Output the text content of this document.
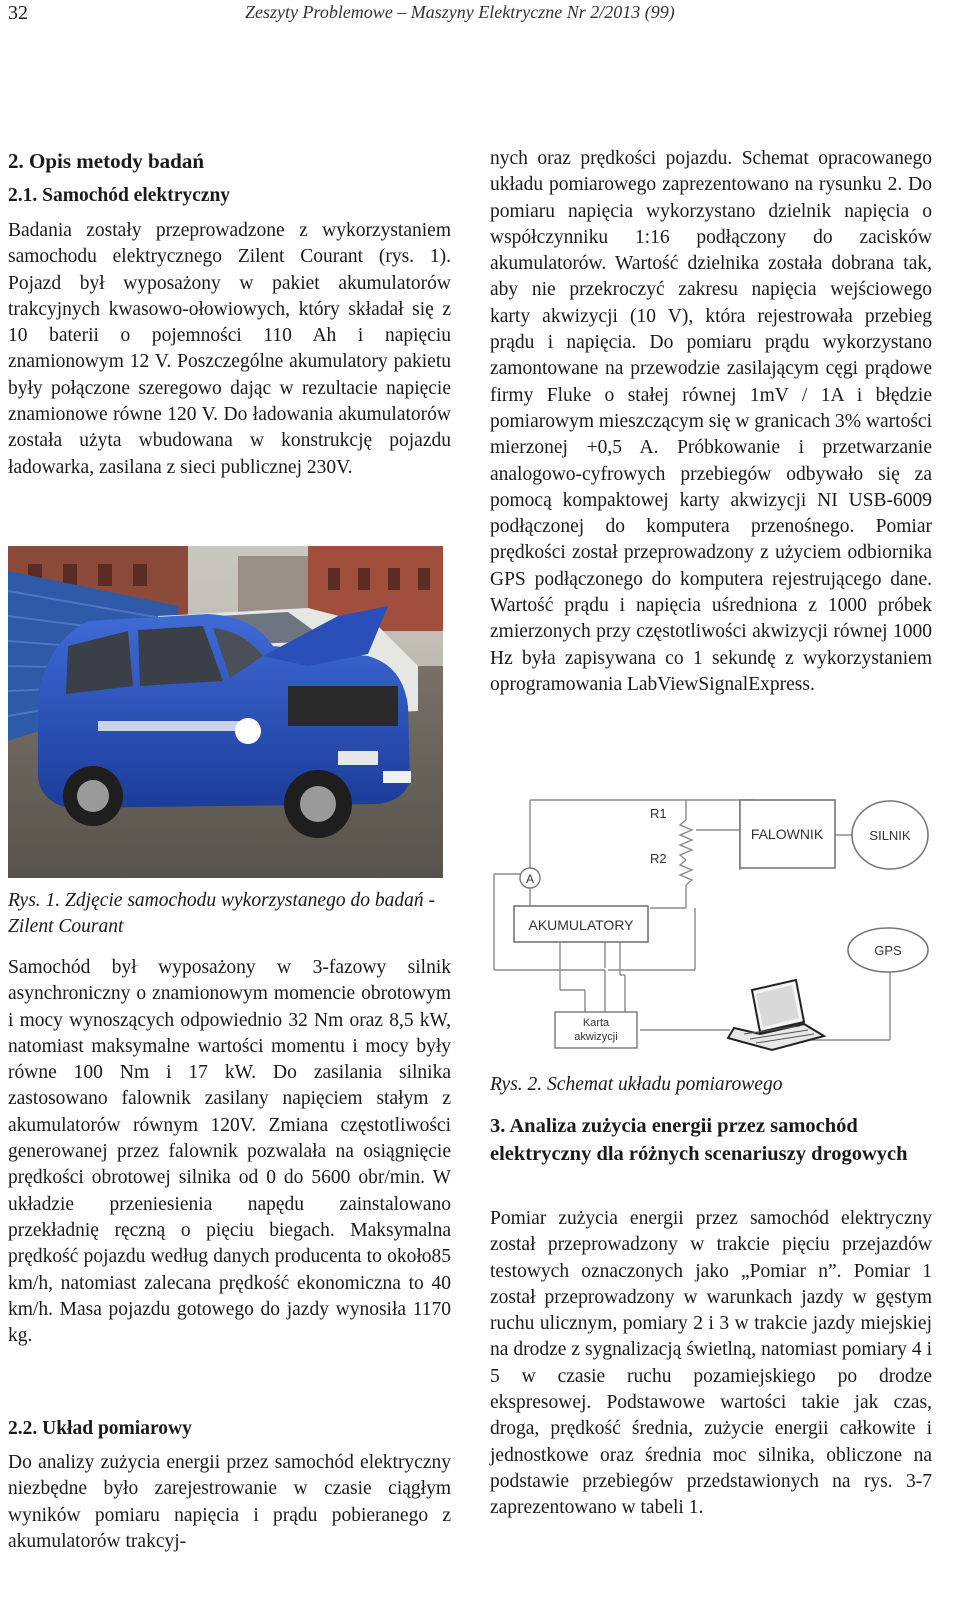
32	Zeszyty Problemowe – Maszyny Elektryczne Nr 2/2013 (99)
2. Opis metody badań
2.1. Samochód elektryczny
Badania zostały przeprowadzone z wykorzystaniem samochodu elektrycznego Zilent Courant (rys. 1). Pojazd był wyposażony w pakiet akumulatorów trakcyjnych kwasowo-ołowiowych, który składał się z 10 baterii o pojemności 110 Ah i napięciu znamionowym 12 V. Poszczególne akumulatory pakietu były połączone szeregowo dając w rezultacie napięcie znamionowe równe 120 V. Do ładowania akumulatorów została użyta wbudowana w konstrukcję pojazdu ładowarka, zasilana z sieci publicznej 230V.
Rys. 1. Zdjęcie samochodu wykorzystanego do badań - Zilent Courant
Samochód był wyposażony w 3-fazowy silnik asynchroniczny o znamionowym momencie obrotowym i mocy wynoszących odpowiednio 32 Nm oraz 8,5 kW, natomiast maksymalne wartości momentu i mocy były równe 100 Nm i 17 kW. Do zasilania silnika zastosowano falownik zasilany napięciem stałym z akumulatorów równym 120V. Zmiana częstotliwości generowanej przez falownik pozwalała na osiągnięcie prędkości obrotowej silnika od 0 do 5600 obr/min. W układzie przeniesienia napędu zainstalowano przekładnię ręczną o pięciu biegach. Maksymalna prędkość pojazdu według danych producenta to około85 km/h, natomiast zalecana prędkość ekonomiczna to 40 km/h. Masa pojazdu gotowego do jazdy wynosiła 1170 kg.
2.2. Układ pomiarowy
Do analizy zużycia energii przez samochód elektryczny niezbędne było zarejestrowanie w czasie ciągłym wyników pomiaru napięcia i prądu pobieranego z akumulatorów trakcyj-
nych oraz prędkości pojazdu. Schemat opracowanego układu pomiarowego zaprezentowano na rysunku 2. Do pomiaru napięcia wykorzystano dzielnik napięcia o współczynniku 1:16 podłączony do zacisków akumulatorów. Wartość dzielnika została dobrana tak, aby nie przekroczyć zakresu napięcia wejściowego karty akwizycji (10 V), która rejestrowała przebieg prądu i napięcia. Do pomiaru prądu wykorzystano zamontowane na przewodzie zasilającym cęgi prądowe firmy Fluke o stałej równej 1mV / 1A i błędzie pomiarowym mieszczącym się w granicach 3% wartości mierzonej +0,5 A. Próbkowanie i przetwarzanie analogowo-cyfrowych przebiegów odbywało się za pomocą kompaktowej karty akwizycji NI USB-6009 podłączonej do komputera przenośnego. Pomiar prędkości został przeprowadzony z użyciem odbiornika GPS podłączonego do komputera rejestrującego dane. Wartość prądu i napięcia uśredniona z 1000 próbek zmierzonych przy częstotliwości akwizycji równej 1000 Hz była zapisywana co 1 sekundę z wykorzystaniem oprogramowania LabViewSignalExpress.
R1
R2
FALOWNIK	SILNIK
A
AKUMULATORY
GPS
Karta
akwizycji
Rys. 2. Schemat układu pomiarowego
3. Analiza zużycia energii przez samochód elektryczny dla różnych scenariuszy drogowych
Pomiar zużycia energii przez samochód elektryczny został przeprowadzony w trakcie pięciu przejazdów testowych oznaczonych jako „Pomiar n”. Pomiar 1 został przeprowadzony w warunkach jazdy w gęstym ruchu ulicznym, pomiary 2 i 3 w trakcie jazdy miejskiej na drodze z sygnalizacją świetlną, natomiast pomiary 4 i 5 w czasie ruchu pozamiejskiego po drodze ekspresowej. Podstawowe wartości takie jak czas, droga, prędkość średnia, zużycie energii całkowite i jednostkowe oraz średnia moc silnika, obliczone na podstawie przebiegów przedstawionych na rys. 3-7 zaprezentowano w tabeli 1.
